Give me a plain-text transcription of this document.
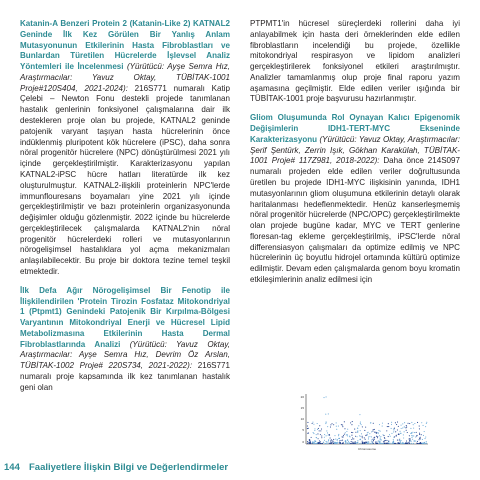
Katanin-A Benzeri Protein 2 (Katanin-Like 2) KATNAL2 Geninde İlk Kez Görülen Bir Yanlış Anlam Mutasyonunun Etkilerinin Hasta Fibroblastları ve Bunlardan Türetilen Hücrelerde İşlevsel Analiz Yöntemleri ile İncelenmesi (Yürütücü: Ayşe Semra Hız, Araştırmacılar: Yavuz Oktay, TÜBİTAK-1001 Proje#120S404, 2021-2024): 216S771 numaralı Katip Çelebi – Newton Fonu destekli projede tanımlanan hastalık genlerinin fonksiyonel çalışmalarına dair ilk destekleren proje olan bu projede, KATNAL2 geninde patojenik varyant taşıyan hasta hücrelerinin önce indüklenmiş pluripotent kök hücrelere (iPSC), daha sonra nöral progenitör hücrelere (NPC) dönüştürülmesi 2021 yılı içinde gerçekleştirilmiştir. Karakterizasyonu yapılan KATNAL2-iPSC hücre hatları literatürde ilk kez oluşturulmuştur. KATNAL2-ilişkili proteinlerin NPC'lerde immunflouresans boyamaları yine 2021 yılı içinde gerçekleştirilmiştir ve bazı proteinlerin organizasyonunda değişimler olduğu gözlenmiştir. 2022 içinde bu hücrelerde gerçekleştirilecek çalışmalarda KATNAL2'nin nöral progenitör hücrelerdeki rolleri ve mutasyonlarının nörogelişimsel hastalıklara yol açma mekanizmaları anlaşılabilecektir. Bu proje bir doktora tezine temel teşkil etmektedir.

İlk Defa Ağır Nörogelişimsel Bir Fenotip ile İlişkilendirilen 'Protein Tirozin Fosfataz Mitokondriyal 1 (Ptpmt1) Genindeki Patojenik Bir Kırpılma-Bölgesi Varyantının Mitokondriyal Enerji ve Hücresel Lipid Metabolizmasına Etkilerinin Hasta Dermal Fibroblastlarında Analizi (Yürütücü: Yavuz Oktay, Araştırmacılar: Ayşe Semra Hız, Devrim Öz Arslan, TÜBİTAK-1002 Proje# 220S734, 2021-2022): 216S771 numaralı proje kapsamında ilk kez tanımlanan hastalık geni olan

PTPMT1'in hücresel süreçlerdeki rollerini daha iyi anlayabilmek için hasta deri örneklerinden elde edilen fibroblastların incelendiği bu projede, özellikle mitokondriyal respirasyon ve lipidom analizleri gerçekleştirilerek fonksiyonel etkileri araştırılmıştır. Analizler tamamlanmış olup proje final raporu yazım aşamasına geçilmiştir. Elde edilen veriler ışığında bir TÜBİTAK-1001 proje başvurusu hazırlanmıştır.

Gliom Oluşumunda Rol Oynayan Kalıcı Epigenomik Değişimlerin IDH1-TERT-MYC Ekseninde Karakterizasyonu (Yürütücü: Yavuz Oktay, Araştırmacılar: Şerif Şentürk, Zerrin Işık, Gökhan Karakülah, TÜBİTAK-1001 Proje# 117Z981, 2018-2022): Daha önce 214S097 numaralı projeden elde edilen veriler doğrultusunda üretilen bu projede IDH1-MYC ilişkisinin yanında, IDH1 mutasyonlarının gliom oluşumuna etkilerinin detaylı olarak haritalanması hedeflenmektedir. Henüz kanserleşmemiş nöral progenitör hücrelerde (NPC/OPC) gerçekleştirilmekte olan projede bugüne kadar, MYC ve TERT genlerine floresan-tag ekleme gerçekleştirilmiş, iPSC'lerde nöral differensiasyon çalışmaları da optimize edilmiş ve NPC hücrelerinin üç boyutlu hidrojel ortamında kültürü optimize edilmiştir. Devam eden çalışmalarda genom boyu kromatin etkileşimlerinin analiz edilmesi için

20
15
10
5
0
Chromosome
144 Faaliyetlere İlişkin Bilgi ve Değerlendirmeler
